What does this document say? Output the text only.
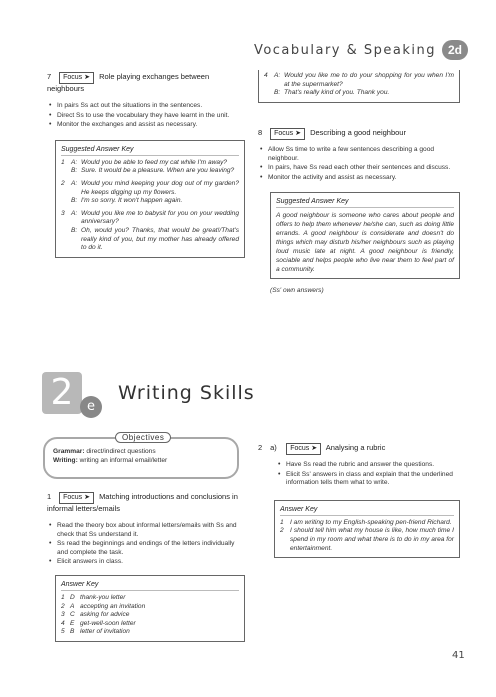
Vocabulary & Speaking 2d
7 Focus ➤ Role playing exchanges between neighbours
• In pairs Ss act out the situations in the sentences.
• Direct Ss to use the vocabulary they have learnt in the unit.
• Monitor the exchanges and assist as necessary.
Suggested Answer Key
1 A: Would you be able to feed my cat while I'm away?
B: Sure. It would be a pleasure. When are you leaving?
2 A: Would you mind keeping your dog out of my garden? He keeps digging up my flowers.
B: I'm so sorry. It won't happen again.
3 A: Would you like me to babysit for you on your wedding anniversary?
B: Oh, would you? Thanks, that would be great!/That's really kind of you, but my mother has already offered to do it.
4 A: Would you like me to do your shopping for you when I'm at the supermarket?
B: That's really kind of you. Thank you.
8 Focus ➤ Describing a good neighbour
• Allow Ss time to write a few sentences describing a good neighbour.
• In pairs, have Ss read each other their sentences and discuss.
• Monitor the activity and assist as necessary.
Suggested Answer Key
A good neighbour is someone who cares about people and offers to help them whenever he/she can, such as doing little errands. A good neighbour is considerate and doesn't do things which may disturb his/her neighbours such as playing loud music late at night. A good neighbour is friendly, sociable and helps people who live near them to feel part of a community.
(Ss' own answers)
2	e
Writing Skills
Objectives
Grammar: direct/indirect questions
Writing: writing an informal email/letter
1 Focus ➤ Matching introductions and conclusions in informal letters/emails
• Read the theory box about informal letters/emails with Ss and check that Ss understand it.
• Ss read the beginnings and endings of the letters individually and complete the task.
• Elicit answers in class.
Answer Key
1 D thank-you letter
2 A accepting an invitation
3 C asking for advice
4 E get-well-soon letter
5 B letter of invitation
2 a) Focus ➤ Analysing a rubric
• Have Ss read the rubric and answer the questions.
• Elicit Ss' answers in class and explain that the underlined information tells them what to write.
Answer Key
1 I am writing to my English-speaking pen-friend Richard.
2 I should tell him what my house is like, how much time I spend in my room and what there is to do in my area for entertainment.
41
